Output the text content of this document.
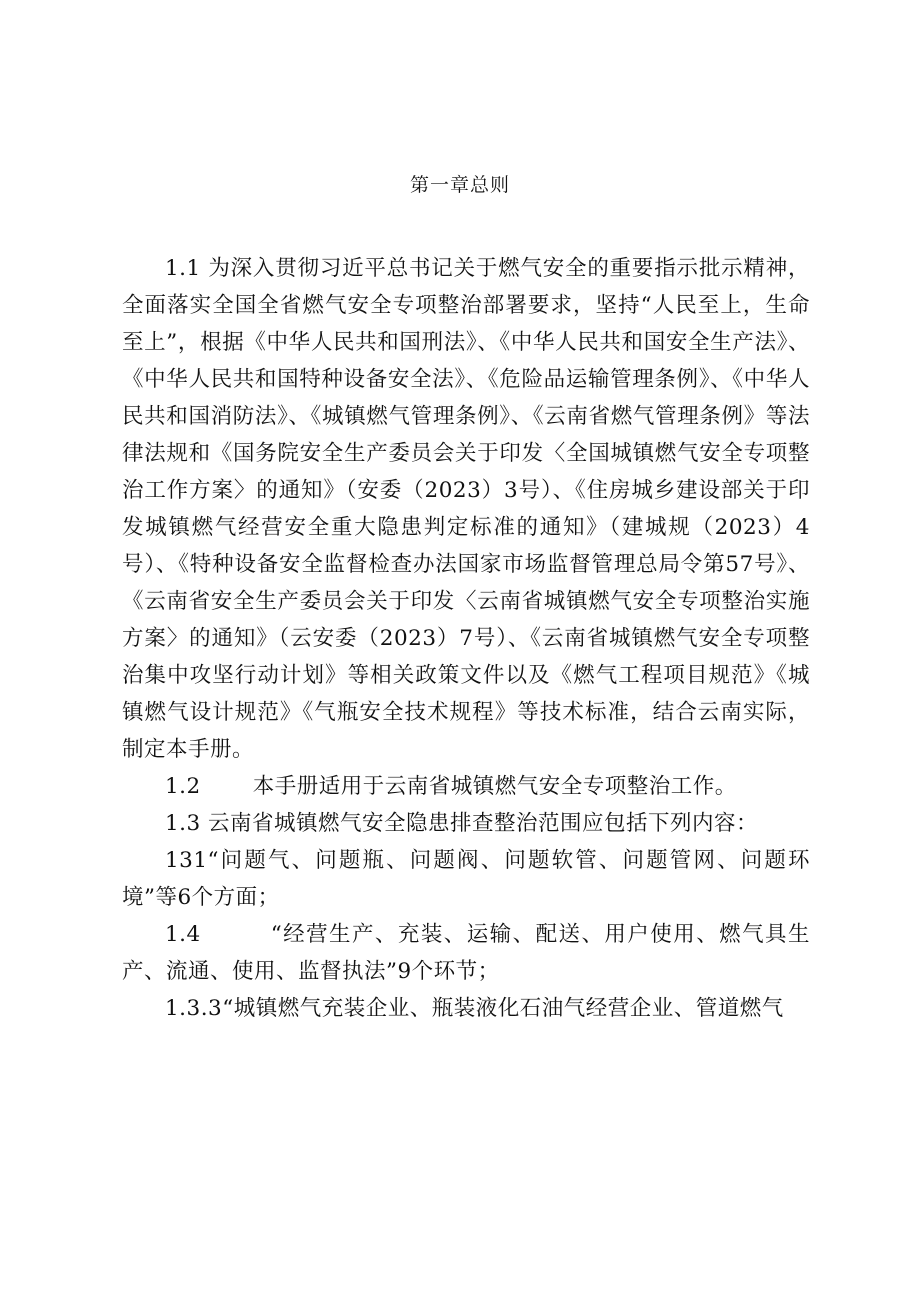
第一章总则

1.1 为深入贯彻习近平总书记关于燃气安全的重要指示批示精神，全面落实全国全省燃气安全专项整治部署要求，坚持“人民至上，生命至上”，根据《中华人民共和国刑法》、《中华人民共和国安全生产法》、《中华人民共和国特种设备安全法》、《危险品运输管理条例》、《中华人民共和国消防法》、《城镇燃气管理条例》、《云南省燃气管理条例》等法律法规和《国务院安全生产委员会关于印发〈全国城镇燃气安全专项整治工作方案〉的通知》（安委（2023）3号）、《住房城乡建设部关于印发城镇燃气经营安全重大隐患判定标准的通知》（建城规（2023）4号）、《特种设备安全监督检查办法国家市场监督管理总局令第57号》、《云南省安全生产委员会关于印发〈云南省城镇燃气安全专项整治实施方案〉的通知》（云安委（2023）7号）、《云南省城镇燃气安全专项整治集中攻坚行动计划》等相关政策文件以及《燃气工程项目规范》《城镇燃气设计规范》《气瓶安全技术规程》等技术标准，结合云南实际，制定本手册。

1.2 本手册适用于云南省城镇燃气安全专项整治工作。

1.3 云南省城镇燃气安全隐患排查整治范围应包括下列内容：

131“问题气、问题瓶、问题阀、问题软管、问题管网、问题环境”等6个方面；

1.4	“经营生产、充装、运输、配送、用户使用、燃气具生产、流通、使用、监督执法”9个环节；

1.3.3“城镇燃气充装企业、瓶装液化石油气经营企业、管道燃气
